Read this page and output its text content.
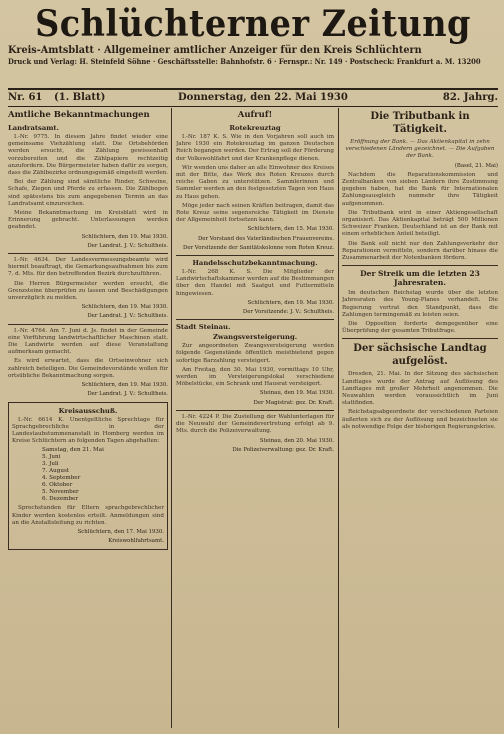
Schlüchterner Zeitung
Kreis-Amtsblatt · Allgemeiner amtlicher Anzeiger für den Kreis Schlüchtern
Druck und Verlag: H. Steinfeld Söhne · Geschäftsstelle: Bahnhofstr. 6 · Fernspr.: Nr. 149 · Postscheck: Frankfurt a. M. 13200
Nr. 61 (1. Blatt)	Donnerstag, den 22. Mai 1930	82. Jahrg.
Amtliche Bekanntmachungen
Landratsamt.
I.-Nr. 9775. In diesem Jahre findet wieder eine gemeinsame Viehzählung statt. Die Ortsbehörden werden ersucht, die Zählung gewissenhaft vorzubereiten und die Zählpapiere rechtzeitig anzufordern. Die Bürgermeister haben dafür zu sorgen, dass die Zählbezirke ordnungsgemäß eingeteilt werden.
Bei der Zählung sind sämtliche Rinder, Schweine, Schafe, Ziegen und Pferde zu erfassen. Die Zählbogen sind spätestens bis zum angegebenen Termin an das Landratsamt einzureichen.
Meine Bekanntmachung im Kreisblatt wird in Erinnerung gebracht. Unterlassungen werden geahndet.
Schlüchtern, den 19. Mai 1930.
Der Landrat. J. V.: Schultheis.
I.-Nr. 4634. Der Landesvermessungsbeamte wird hiermit beauftragt, die Gemarkungsaufnahmen bis zum 7. d. Mts. für den betreffenden Bezirk durchzuführen.
Die Herren Bürgermeister werden ersucht, die Grenzsteine überprüfen zu lassen und Beschädigungen unverzüglich zu melden.
Schlüchtern, den 19. Mai 1930.
Der Landrat. J. V.: Schultheis.
I.-Nr. 4764. Am 7. Juni d. Js. findet in der Gemeinde eine Vorführung landwirtschaftlicher Maschinen statt. Die Landwirte werden auf diese Veranstaltung aufmerksam gemacht.
Es wird erwartet, dass die Ortseinwohner sich zahlreich beteiligen. Die Gemeindevorstände wollen für ortsübliche Bekanntmachung sorgen.
Schlüchtern, den 19. Mai 1930.
Der Landrat. J. V.: Schultheis.
Kreisausschuß.
I.-Nr. 6614 K. Unentgeltliche Sprechtage für Sprachgebrechliche in der Landestaubstummenanstalt in Homberg werden im Kreise Schlüchtern an folgenden Tagen abgehalten:
Samstag, den 21. Mai
5. Juni
3. Juli
7. August
4. September
6. Oktober
5. November
6. Dezember
Sprechstunden für Eltern sprachgebrechlicher Kinder werden kostenlos erteilt. Anmeldungen sind an die Anstaltsleitung zu richten.
Schlüchtern, den 17. Mai 1930.
Kreiswohlfahrtsamt.
Aufruf!
Rotekreuztag
I.-Nr. 187 K. S. Wie in den Vorjahren soll auch im Jahre 1930 ein Rotekreuztag im ganzen Deutschen Reich begangen werden. Der Ertrag soll der Förderung der Volkswohlfahrt und der Krankenpflege dienen.
Wir wenden uns daher an alle Einwohner des Kreises mit der Bitte, das Werk des Roten Kreuzes durch reiche Gaben zu unterstützen. Sammlerinnen und Sammler werden an den festgesetzten Tagen von Haus zu Haus gehen.
Möge jeder nach seinen Kräften beitragen, damit das Rote Kreuz seine segensreiche Tätigkeit im Dienste der Allgemeinheit fortsetzen kann.
Schlüchtern, den 15. Mai 1930.
Der Vorstand des Vaterländischen Frauenvereins.
Der Vorsitzende der Sanitätskolonne vom Roten Kreuz.
Handelsschutzbekanntmachung.
I.-Nr. 268 K. S. Die Mitglieder der Landwirtschaftskammer werden auf die Bestimmungen über den Handel mit Saatgut und Futtermitteln hingewiesen.
Schlüchtern, den 19. Mai 1930.
Der Vorsitzende: J. V.: Schultheis.
Stadt Steinau.
Zwangsversteigerung.
Zur angeordneten Zwangsversteigerung werden folgende Gegenstände öffentlich meistbietend gegen sofortige Barzahlung versteigert.
Am Freitag, den 30. Mai 1930, vormittags 10 Uhr, werden im Versteigerungslokal verschiedene Möbelstücke, ein Schrank und Hausrat versteigert.
Steinau, den 19. Mai 1930.
Der Magistrat: gez. Dr. Kraft.
I.-Nr. 4224 P. Die Zustellung der Wahlunterlagen für die Neuwahl der Gemeindevertretung erfolgt ab 9. Mts. durch die Polizeiverwaltung.
Steinau, den 20. Mai 1930.
Die Polizeiverwaltung: gez. Dr. Kraft.
Die Tributbank in Tätigkeit.
Eröffnung der Bank. — Das Aktienkapital in zehn verschiedenen Ländern gezeichnet. — Die Aufgaben der Bank.
(Basel, 21. Mai)
Nachdem die Reparationskommission und Zentralbanken von sieben Ländern ihre Zustimmung gegeben haben, hat die Bank für Internationalen Zahlungsausgleich nunmehr ihre Tätigkeit aufgenommen.
Die Tributbank wird in einer Aktiengesellschaft organisiert. Das Aktienkapital beträgt 500 Millionen Schweizer Franken. Deutschland ist an der Bank mit einem erheblichen Anteil beteiligt.
Die Bank soll nicht nur den Zahlungsverkehr der Reparationen vermitteln, sondern darüber hinaus die Zusammenarbeit der Notenbanken fördern.
Der Streik um die letzten 23 Jahresraten.
Im deutschen Reichstag wurde über die letzten Jahresraten des Young-Planes verhandelt. Die Regierung vertrat den Standpunkt, dass die Zahlungen termingemäß zu leisten seien.
Die Opposition forderte demgegenüber eine Überprüfung der gesamten Tributfrage.
Der sächsische Landtag aufgelöst.
Dresden, 21. Mai. In der Sitzung des sächsischen Landtages wurde der Antrag auf Auflösung des Landtages mit großer Mehrheit angenommen. Die Neuwahlen werden voraussichtlich im Juni stattfinden.
Reichstagsabgeordnete der verschiedenen Parteien äußerten sich zu der Auflösung und bezeichneten sie als notwendige Folge der bisherigen Regierungskrise.
